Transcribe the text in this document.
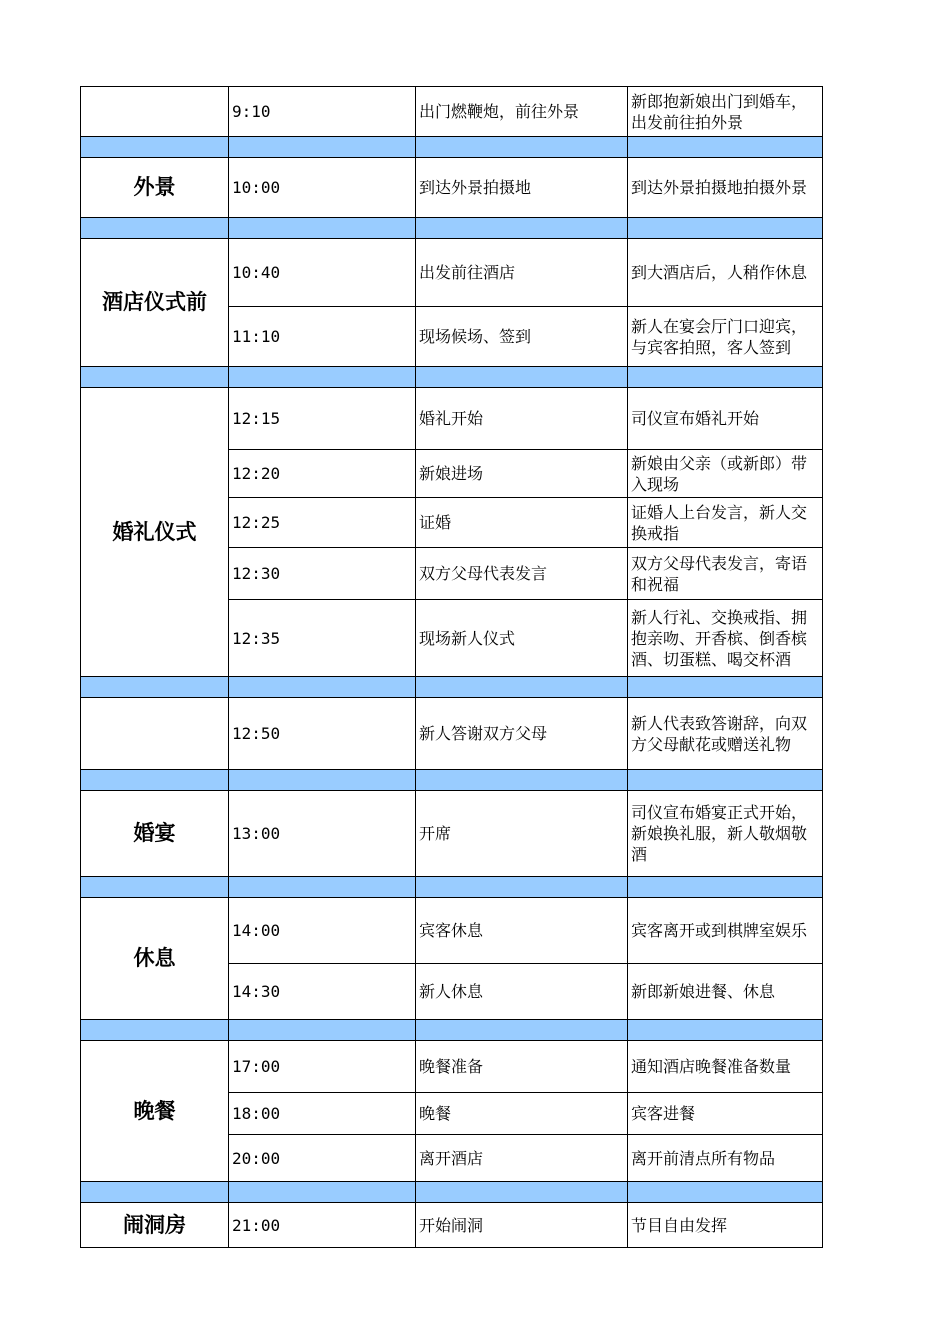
	9:10	出门燃鞭炮，前往外景	新郎抱新娘出门到婚车，出发前往拍外景

外景	10:00	到达外景拍摄地	到达外景拍摄地拍摄外景

酒店仪式前	10:40	出发前往酒店	到大酒店后，人稍作休息

	11:10	现场候场、签到	新人在宴会厅门口迎宾，与宾客拍照，客人签到

婚礼仪式	12:15	婚礼开始	司仪宣布婚礼开始

	12:20	新娘进场	新娘由父亲（或新郎）带入现场

	12:25	证婚	证婚人上台发言，新人交换戒指

	12:30	双方父母代表发言	双方父母代表发言，寄语和祝福

	12:35	现场新人仪式	新人行礼、交换戒指、拥抱亲吻、开香槟、倒香槟酒、切蛋糕、喝交杯酒

	12:50	新人答谢双方父母	新人代表致答谢辞，向双方父母献花或赠送礼物

婚宴	13:00	开席	司仪宣布婚宴正式开始，新娘换礼服，新人敬烟敬酒

休息	14:00	宾客休息	宾客离开或到棋牌室娱乐

	14:30	新人休息	新郎新娘进餐、休息

晚餐	17:00	晚餐准备	通知酒店晚餐准备数量

	18:00	晚餐	宾客进餐

	20:00	离开酒店	离开前清点所有物品

闹洞房	21:00	开始闹洞	节目自由发挥
